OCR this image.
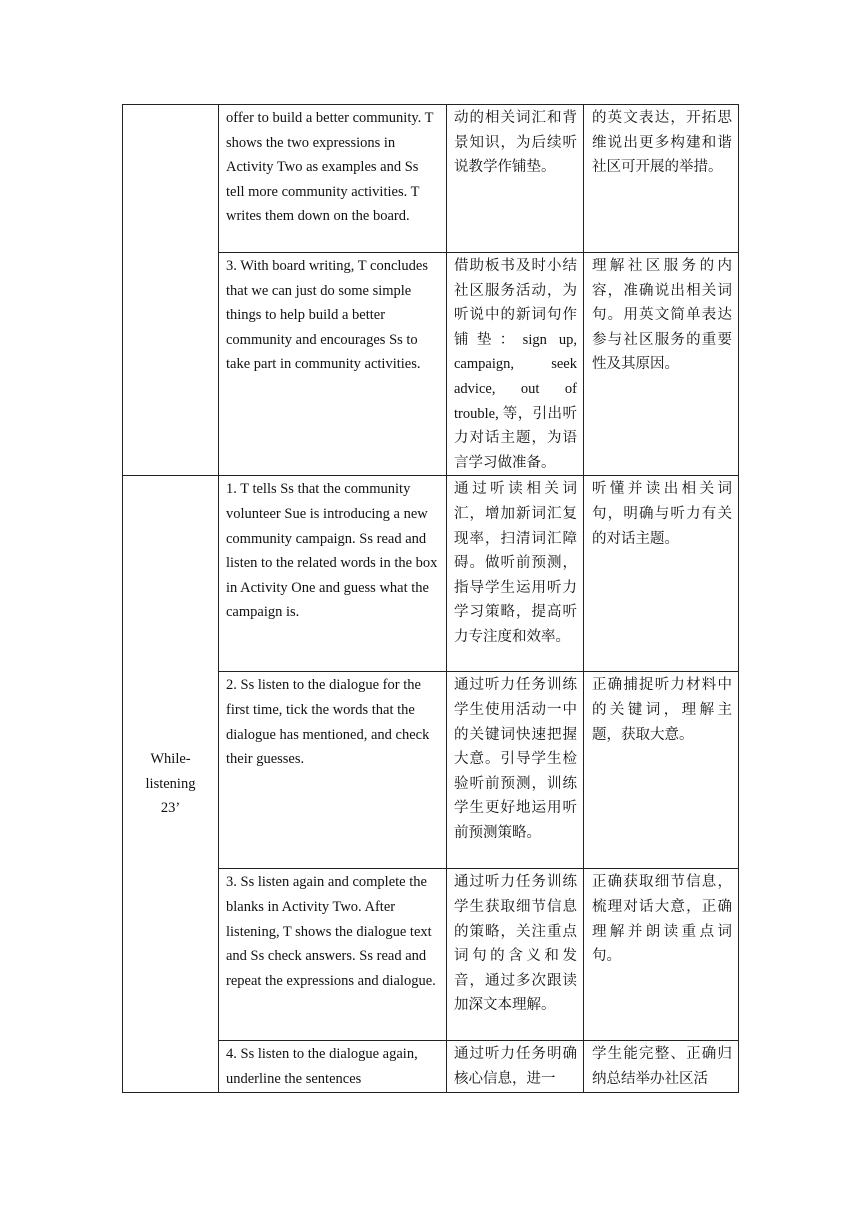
	offer to build a better community. T shows the two expressions in Activity Two as examples and Ss tell more community activities. T writes them down on the board.	动的相关词汇和背景知识，为后续听说教学作铺垫。	的英文表达，开拓思维说出更多构建和谐社区可开展的举措。

	3. With board writing, T concludes that we can just do some simple things to help build a better community and encourages Ss to take part in community activities.	借助板书及时小结社区服务活动，为听说中的新词句作铺垫：sign up, campaign, seek advice, out of trouble, 等，引出听力对话主题，为语言学习做准备。	理解社区服务的内容，准确说出相关词句。用英文简单表达参与社区服务的重要性及其原因。

While-
listening
23’	1. T tells Ss that the community volunteer Sue is introducing a new community campaign. Ss read and listen to the related words in the box in Activity One and guess what the campaign is.	通过听读相关词汇，增加新词汇复现率，扫清词汇障碍。做听前预测，指导学生运用听力学习策略，提高听力专注度和效率。	听懂并读出相关词句，明确与听力有关的对话主题。

	2. Ss listen to the dialogue for the first time, tick the words that the dialogue has mentioned, and check their guesses.	通过听力任务训练学生使用活动一中的关键词快速把握大意。引导学生检验听前预测，训练学生更好地运用听前预测策略。	正确捕捉听力材料中的关键词，理解主题，获取大意。

	3. Ss listen again and complete the blanks in Activity Two. After listening, T shows the dialogue text and Ss check answers. Ss read and repeat the expressions and dialogue.	通过听力任务训练学生获取细节信息的策略，关注重点词句的含义和发音，通过多次跟读加深文本理解。	正确获取细节信息，梳理对话大意，正确理解并朗读重点词句。

	4. Ss listen to the dialogue again, underline the sentences	通过听力任务明确核心信息，进一	学生能完整、正确归纳总结举办社区活
